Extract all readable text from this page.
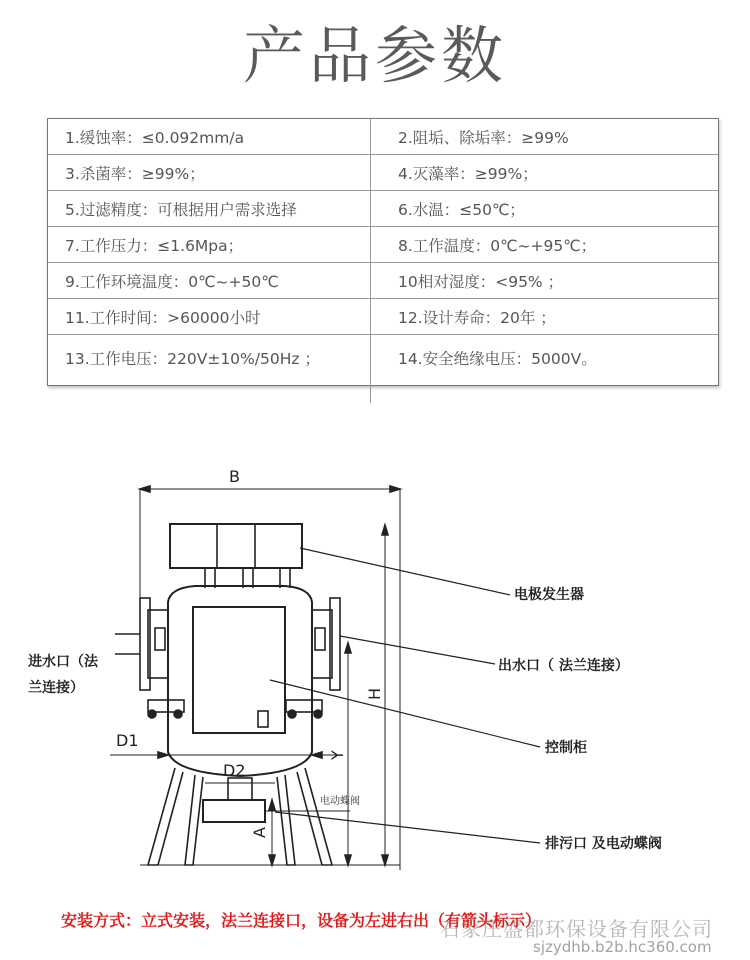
产品参数
1.缓蚀率：≤0.092mm/a	2.阻垢、除垢率：≥99%
3.杀菌率：≥99%；	4.灭藻率：≥99%；
5.过滤精度：可根据用户需求选择	6.水温：≤50℃；
7.工作压力：≤1.6Mpa；	8.工作温度：0℃~+95℃；
9.工作环境温度：0℃~+50℃	10相对湿度：<95% ；
11.工作时间：>60000小时	12.设计寿命：20年 ；
13.工作电压：220V±10%/50Hz ；	14.安全绝缘电压：5000V。
B
H
Y
A
D1
D2
电动蝶阀
电极发生器
进水口（法
兰连接）
出水口（ 法兰连接）
控制柜
排污口 及电动蝶阀
安装方式：立式安装，法兰连接口，设备为左进右出（有箭头标示）
石家庄盛都环保设备有限公司
sjzydhb.b2b.hc360.com
